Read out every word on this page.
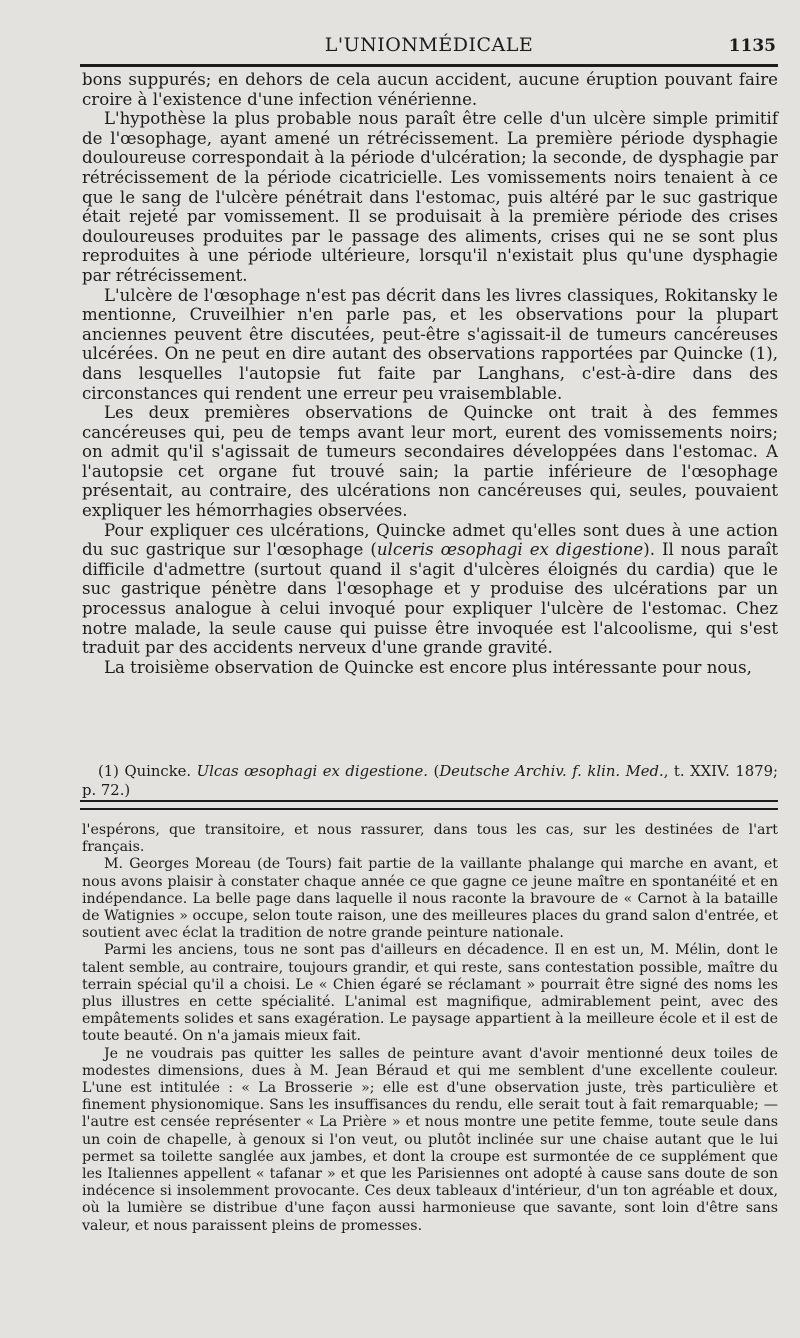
L'UNIONMÉDICALE	1135

bons suppurés; en dehors de cela aucun accident, aucune éruption pouvant faire croire à l'existence d'une infection vénérienne.

L'hypothèse la plus probable nous paraît être celle d'un ulcère simple primitif de l'œsophage, ayant amené un rétrécissement. La première période dysphagie douloureuse correspondait à la période d'ulcération; la seconde, de dysphagie par rétrécissement de la période cicatricielle. Les vomissements noirs tenaient à ce que le sang de l'ulcère pénétrait dans l'estomac, puis altéré par le suc gastrique était rejeté par vomissement. Il se produisait à la première période des crises douloureuses produites par le passage des aliments, crises qui ne se sont plus reproduites à une période ultérieure, lorsqu'il n'existait plus qu'une dysphagie par rétrécissement.

L'ulcère de l'œsophage n'est pas décrit dans les livres classiques, Rokitansky le mentionne, Cruveilhier n'en parle pas, et les observations pour la plupart anciennes peuvent être discutées, peut-être s'agissait-il de tumeurs cancéreuses ulcérées. On ne peut en dire autant des observations rapportées par Quincke (1), dans lesquelles l'autopsie fut faite par Langhans, c'est-à-dire dans des circonstances qui rendent une erreur peu vraisemblable.

Les deux premières observations de Quincke ont trait à des femmes cancéreuses qui, peu de temps avant leur mort, eurent des vomissements noirs; on admit qu'il s'agissait de tumeurs secondaires développées dans l'estomac. A l'autopsie cet organe fut trouvé sain; la partie inférieure de l'œsophage présentait, au contraire, des ulcérations non cancéreuses qui, seules, pouvaient expliquer les hémorrhagies observées.

Pour expliquer ces ulcérations, Quincke admet qu'elles sont dues à une action du suc gastrique sur l'œsophage (ulceris œsophagi ex digestione). Il nous paraît difficile d'admettre (surtout quand il s'agit d'ulcères éloignés du cardia) que le suc gastrique pénètre dans l'œsophage et y produise des ulcérations par un processus analogue à celui invoqué pour expliquer l'ulcère de l'estomac. Chez notre malade, la seule cause qui puisse être invoquée est l'alcoolisme, qui s'est traduit par des accidents nerveux d'une grande gravité.

La troisième observation de Quincke est encore plus intéressante pour nous,

(1) Quincke. Ulcas œsophagi ex digestione. (Deutsche Archiv. f. klin. Med., t. XXIV. 1879; p. 72.)

l'espérons, que transitoire, et nous rassurer, dans tous les cas, sur les destinées de l'art français.

M. Georges Moreau (de Tours) fait partie de la vaillante phalange qui marche en avant, et nous avons plaisir à constater chaque année ce que gagne ce jeune maître en spontanéité et en indépendance. La belle page dans laquelle il nous raconte la bravoure de « Carnot à la bataille de Watignies » occupe, selon toute raison, une des meilleures places du grand salon d'entrée, et soutient avec éclat la tradition de notre grande peinture nationale.

Parmi les anciens, tous ne sont pas d'ailleurs en décadence. Il en est un, M. Mélin, dont le talent semble, au contraire, toujours grandir, et qui reste, sans contestation possible, maître du terrain spécial qu'il a choisi. Le « Chien égaré se réclamant » pourrait être signé des noms les plus illustres en cette spécialité. L'animal est magnifique, admirablement peint, avec des empâtements solides et sans exagération. Le paysage appartient à la meilleure école et il est de toute beauté. On n'a jamais mieux fait.

Je ne voudrais pas quitter les salles de peinture avant d'avoir mentionné deux toiles de modestes dimensions, dues à M. Jean Béraud et qui me semblent d'une excellente couleur. L'une est intitulée : « La Brosserie »; elle est d'une observation juste, très particulière et finement physionomique. Sans les insuffisances du rendu, elle serait tout à fait remarquable; — l'autre est censée représenter « La Prière » et nous montre une petite femme, toute seule dans un coin de chapelle, à genoux si l'on veut, ou plutôt inclinée sur une chaise autant que le lui permet sa toilette sanglée aux jambes, et dont la croupe est surmontée de ce supplément que les Italiennes appellent « tafanar » et que les Parisiennes ont adopté à cause sans doute de son indécence si insolemment provocante. Ces deux tableaux d'intérieur, d'un ton agréable et doux, où la lumière se distribue d'une façon aussi harmonieuse que savante, sont loin d'être sans valeur, et nous paraissent pleins de promesses.
